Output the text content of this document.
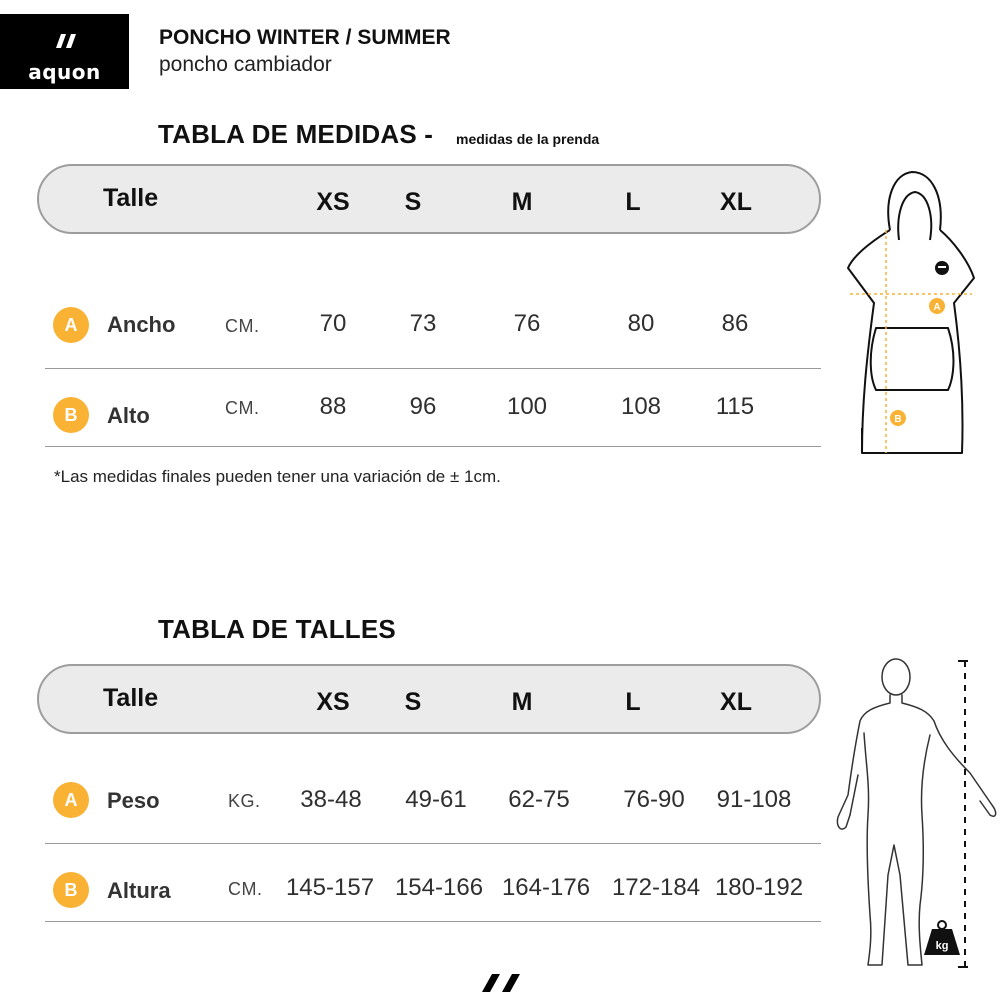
aquon
PONCHO WINTER / SUMMER
poncho cambiador
TABLA DE MEDIDAS - medidas de la prenda
Talle	XS S	M	L	XL
A	Ancho	CM.	70	73	76	80	86
B	Alto	CM.	88	96	100	108 115
*Las medidas finales pueden tener una variación de ± 1cm.
A
B
TABLA DE TALLES
Talle	XS S	M	L	XL
A	Peso	KG. 38-48 49-61 62-75 76-90 91-108
B	Altura	CM. 145-157 154-166 164-176 172-184 180-192
kg
